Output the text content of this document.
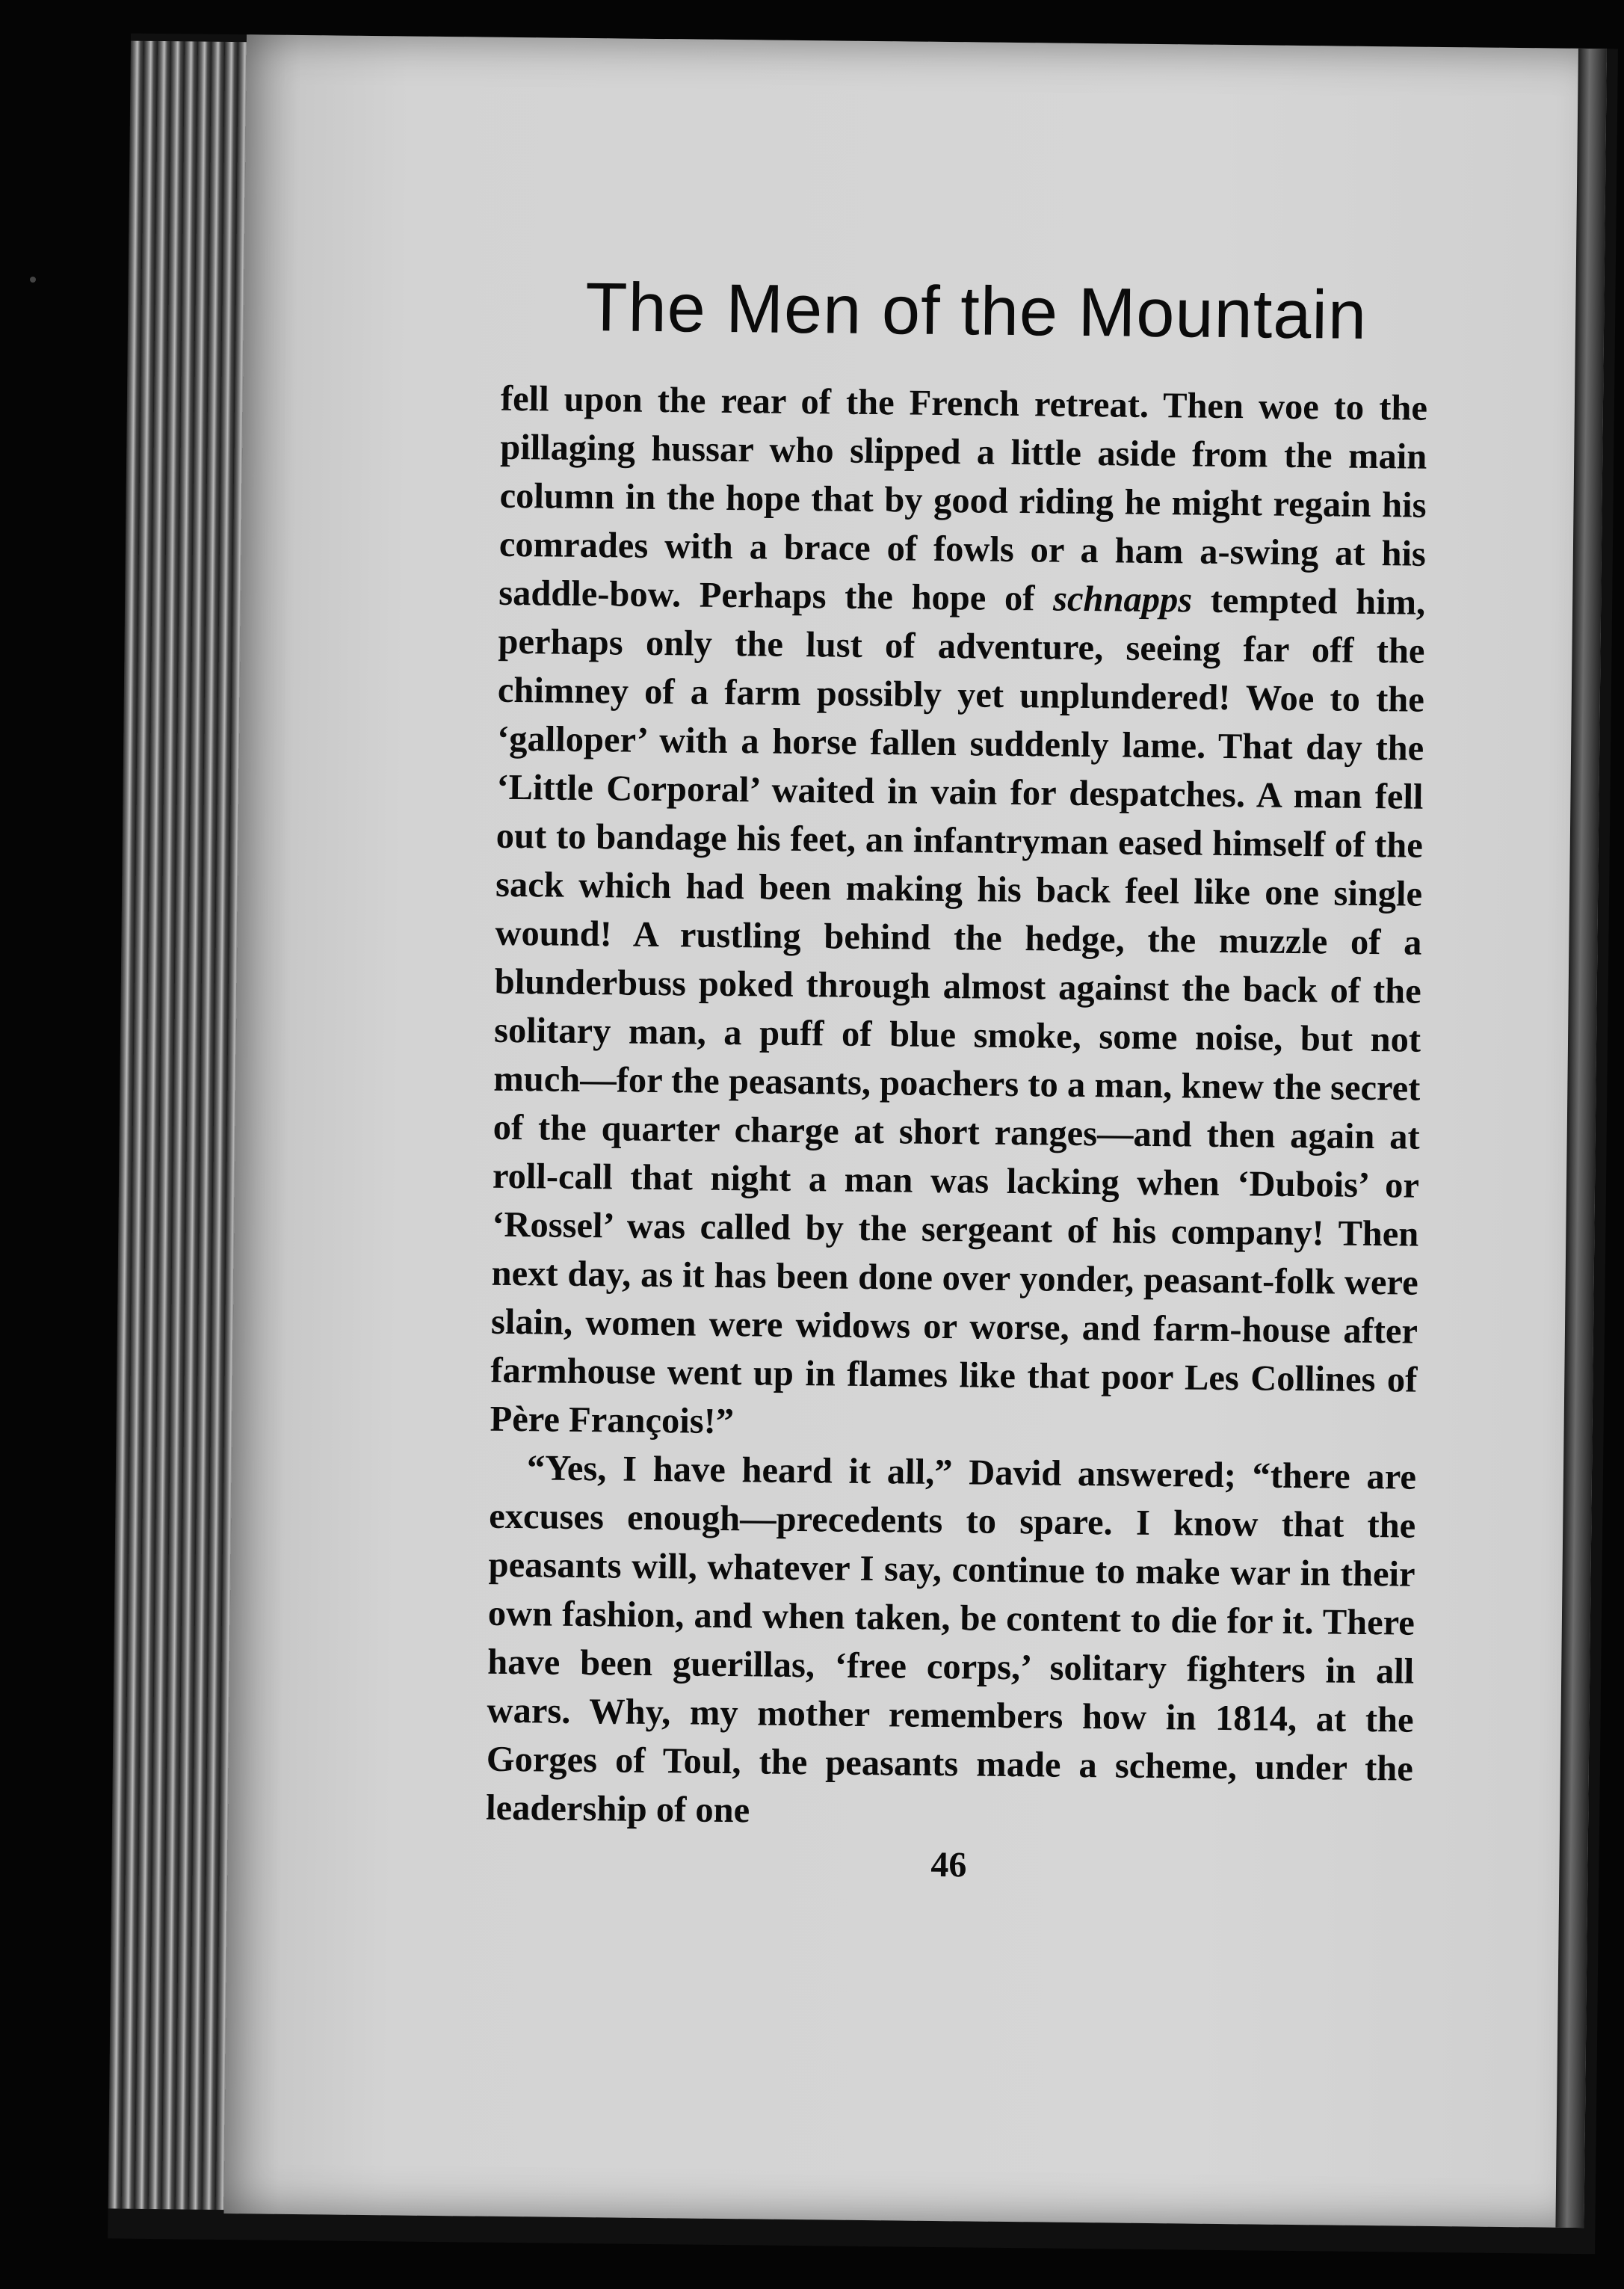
The Men of the Mountain

fell upon the rear of the French retreat. Then woe to the pillaging hussar who slipped a little aside from the main column in the hope that by good riding he might regain his comrades with a brace of fowls or a ham a-swing at his saddle-bow. Perhaps the hope of schnapps tempted him, perhaps only the lust of adventure, seeing far off the chimney of a farm possibly yet unplundered! Woe to the ‘galloper’ with a horse fallen suddenly lame. That day the ‘Little Corporal’ waited in vain for despatches. A man fell out to bandage his feet, an infantryman eased himself of the sack which had been making his back feel like one single wound! A rustling behind the hedge, the muzzle of a blunderbuss poked through almost against the back of the solitary man, a puff of blue smoke, some noise, but not much—for the peasants, poachers to a man, knew the secret of the quarter charge at short ranges—and then again at roll-call that night a man was lacking when ‘Dubois’ or ‘Rossel’ was called by the sergeant of his company! Then next day, as it has been done over yonder, peasant-folk were slain, women were widows or worse, and farm-house after farmhouse went up in flames like that poor Les Collines of Père François!”

“Yes, I have heard it all,” David answered; “there are excuses enough—precedents to spare. I know that the peasants will, whatever I say, continue to make war in their own fashion, and when taken, be content to die for it. There have been guerillas, ‘free corps,’ solitary fighters in all wars. Why, my mother remembers how in 1814, at the Gorges of Toul, the peasants made a scheme, under the leadership of one

46
